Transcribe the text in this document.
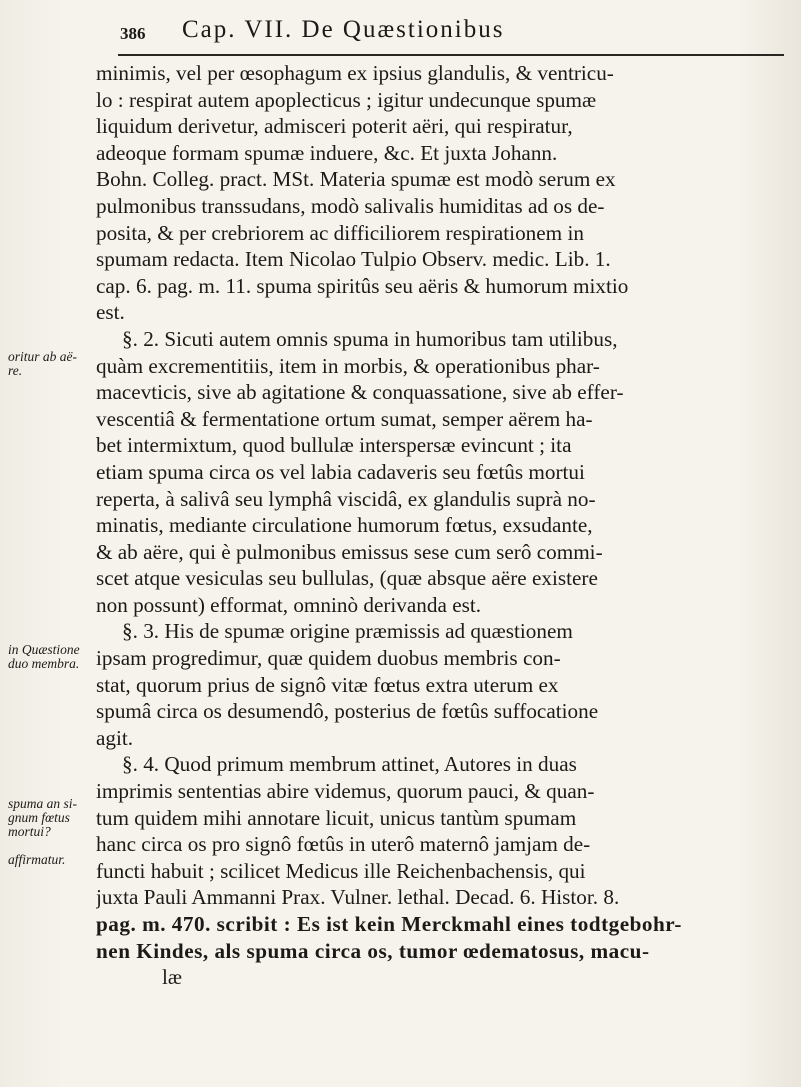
386 Cap. VII. De Quæstionibus
oritur ab aë-
re.
in Quæstione
duo membra.
spuma an si-
gnum fœtus
mortui?
affirmatur.
minimis, vel per œsophagum ex ipsius glandulis, & ventricu-
lo : respirat autem apoplecticus ; igitur undecunque spumæ
liquidum derivetur, admisceri poterit aëri, qui respiratur,
adeoque formam spumæ induere, &c. Et juxta Johann.
Bohn. Colleg. pract. MSt. Materia spumæ est modò serum ex
pulmonibus transsudans, modò salivalis humiditas ad os de-
posita, & per crebriorem ac difficiliorem respirationem in
spumam redacta. Item Nicolao Tulpio Observ. medic. Lib. 1.
cap. 6. pag. m. 11. spuma spiritûs seu aëris & humorum mixtio
est.
§. 2. Sicuti autem omnis spuma in humoribus tam utilibus,
quàm excrementitiis, item in morbis, & operationibus phar-
macevticis, sive ab agitatione & conquassatione, sive ab effer-
vescentiâ & fermentatione ortum sumat, semper aërem ha-
bet intermixtum, quod bullulæ interspersæ evincunt ; ita
etiam spuma circa os vel labia cadaveris seu fœtûs mortui
reperta, à salivâ seu lymphâ viscidâ, ex glandulis suprà no-
minatis, mediante circulatione humorum fœtus, exsudante,
& ab aëre, qui è pulmonibus emissus sese cum serô commi-
scet atque vesiculas seu bullulas, (quæ absque aëre existere
non possunt) efformat, omninò derivanda est.
§. 3. His de spumæ origine præmissis ad quæstionem
ipsam progredimur, quæ quidem duobus membris con-
stat, quorum prius de signô vitæ fœtus extra uterum ex
spumâ circa os desumendô, posterius de fœtûs suffocatione
agit.
§. 4. Quod primum membrum attinet, Autores in duas
imprimis sententias abire videmus, quorum pauci, & quan-
tum quidem mihi annotare licuit, unicus tantùm spumam
hanc circa os pro signô fœtûs in uterô maternô jamjam de-
functi habuit ; scilicet Medicus ille Reichenbachensis, qui
juxta Pauli Ammanni Prax. Vulner. lethal. Decad. 6. Histor. 8.
pag. m. 470. scribit : Es ist kein Merckmahl eines todtgebohr-
nen Kindes, als spuma circa os, tumor œdematosus, macu-
læ
